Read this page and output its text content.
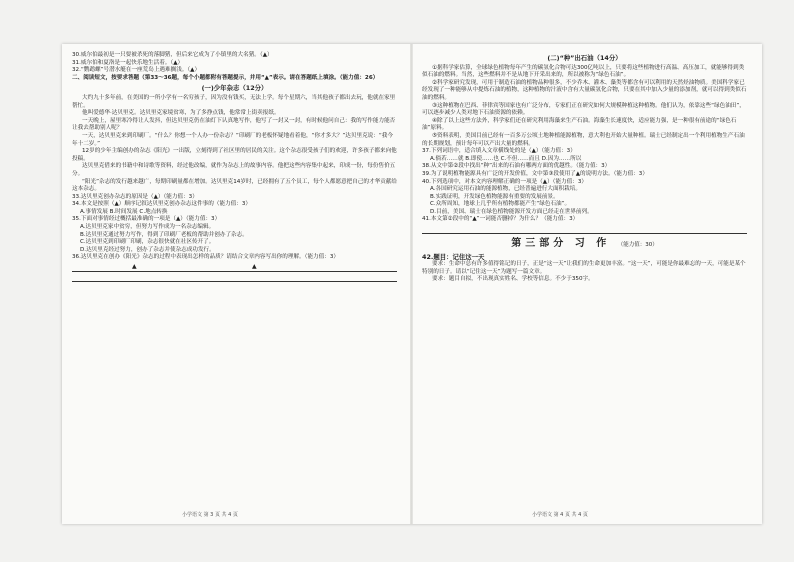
30.威尔伯最初是一只要被杀死的落脚猪，但后来它成为了小镇里的大名猪。（▲）

31.威尔伯和夏洛是一起快乐地生活着。（▲）

32.“鹦鹉螺”号潜水艇在一座荒岛上遇难搁浅。（▲）

二、阅读短文，按要求答题（第33～36题，每个小题都附有答题提示，并用“▲”表示。请在答题纸上填涂。（能力值：26）

(一)少年杂志（12分）

大约九十多年前，在美国的一所小学有一名穷孩子，因为没有钱买，无法上学。每个星期六，当其他孩子都出去玩，他就在家里帮忙。

他叫爱德华·达贝里克。达贝里克家境贫寒，为了多挣点钱，他常常上街卖报纸。

一天晚上，屋里寒冷得让人发抖，但达贝里克仍在油灯下认真地写作，他写了一封又一封，有时候他问自己：我的写作能力能否让我去帮助别人呢？

一天，达贝里克来到印刷厂。“什么？你想一个人办一份杂志？”印刷厂的老板怀疑地看着他，“你才多大？”达贝里克说：“我今年十二岁。”

12岁的少年主编创办的杂志《阳光》一出版，立刻得到了社区里的居民的关注。这个杂志很受孩子们的欢迎，许多孩子都来向他投稿。

达贝里克借来的书籍中和诗歌等资料，经过他改编，就作为杂志上的故事内容。他把这些内容集中起来，印成一份，每份售价五分。

“阳光”杂志的发行越来越广，每期印刷量都在增加。达贝里克14岁时，已经拥有了五个员工，每个人都愿意把自己的才华贡献给这本杂志。

33.达贝里克创办杂志的原因是（▲）（能力值：3）

34.本文是按照（▲）顺序记叙达贝里克创办杂志这件事的（能力值：3）

A.事情发展 B.时间发展 C.地点转换

35.下面对事情经过概括最准确的一项是（▲）（能力值：3）

A.达贝里克家中贫穷，但努力写作成为一名杂志编辑。

B.达贝里克通过努力写作，得到了印刷厂老板的帮助并创办了杂志。

C.达贝里克到印刷厂印刷，杂志很快就在社区传开了。

D.达贝里克经过努力，创办了杂志并使杂志成功发行。

36.达贝里克在创办《阳光》杂志的过程中表现出怎样的品质？请结合文章内容写出你的理解。（能力值：3）

▲	▲
(二)“种”出石油（14分）

①据科学家估算，全球绿色植物每年产生的碳氢化合物可达300亿吨以上，只要将这些植物进行高温、高压加工，就能够得到类似石油的燃料。当然，这些燃料并不是从地下开采出来的，所以被称为“绿色石油”。

②科学家研究发现，可用于制造石油的植物品种很多，不少乔木、灌木、藻类等都含有可以利用的天然烃油物质。美国科学家已经发现了一种能够从中提炼石油的植物，这种植物的汁液中含有大量碳氢化合物，只要在其中加入少量的添加剂，就可以得到类似石油的燃料。

③这种植物在巴西、菲律宾等国家也有广泛分布，专家们正在研究如何大规模种植这种植物。他们认为，依靠这些“绿色油田”，可以逐步减少人类对地下石油资源的依赖。

④除了以上这些方法外，科学家们还在研究利用海藻来生产石油。海藻生长速度快，适应能力强，是一种很有前途的“绿色石油”原料。

⑤资料表明，美国目前已经有一百多万公顷土地种植能源植物，意大利也开始大量种植。瑞士已经制定出一个利用植物生产石油的长期规划，预计每年可以产出大量的燃料。

37.下列词语中，适合填入文章横线处的是（▲）（能力值：3）

A.倘若……就 B.即使……也 C.不但……而且 D.因为……所以

38.从文中第②段中找出“种”出来的石油有哪两方面的优越性。（能力值：3）

39.为了说明植物能源具有广泛的开发价值，文中第③段使用了▲的说明方法。（能力值：3）

40.下列选项中，对本文内容理解正确的一项是（▲）（能力值：3）

A.各国研究运用石油的能源植物，已经普遍进行大面积栽培。

B.实践证明，开发绿色植物能源有重要的发展前景。

C.众所周知，地球上几乎所有植物都能产生“绿色石油”。

D.目前，美国、瑞士在绿色植物能源开发方面已经走在世界前列。

41.本文第②段中的“▲”一词能否删掉？为什么？（能力值：3）

第三部分 习 作 （能力值：30）

42.题目：记住这一天

要求：生命中总有许多值得铭记的日子，正是“这一天”让我们的生命更加丰富。“这一天”，可能是你最难忘的一天，可能是某个特别的日子。请以“记住这一天”为题写一篇文章。

要求：题目自拟，不出现真实姓名、学校等信息。不少于350字。

小学语文 第 3 页 共 4 页	小学语文 第 4 页 共 4 页
